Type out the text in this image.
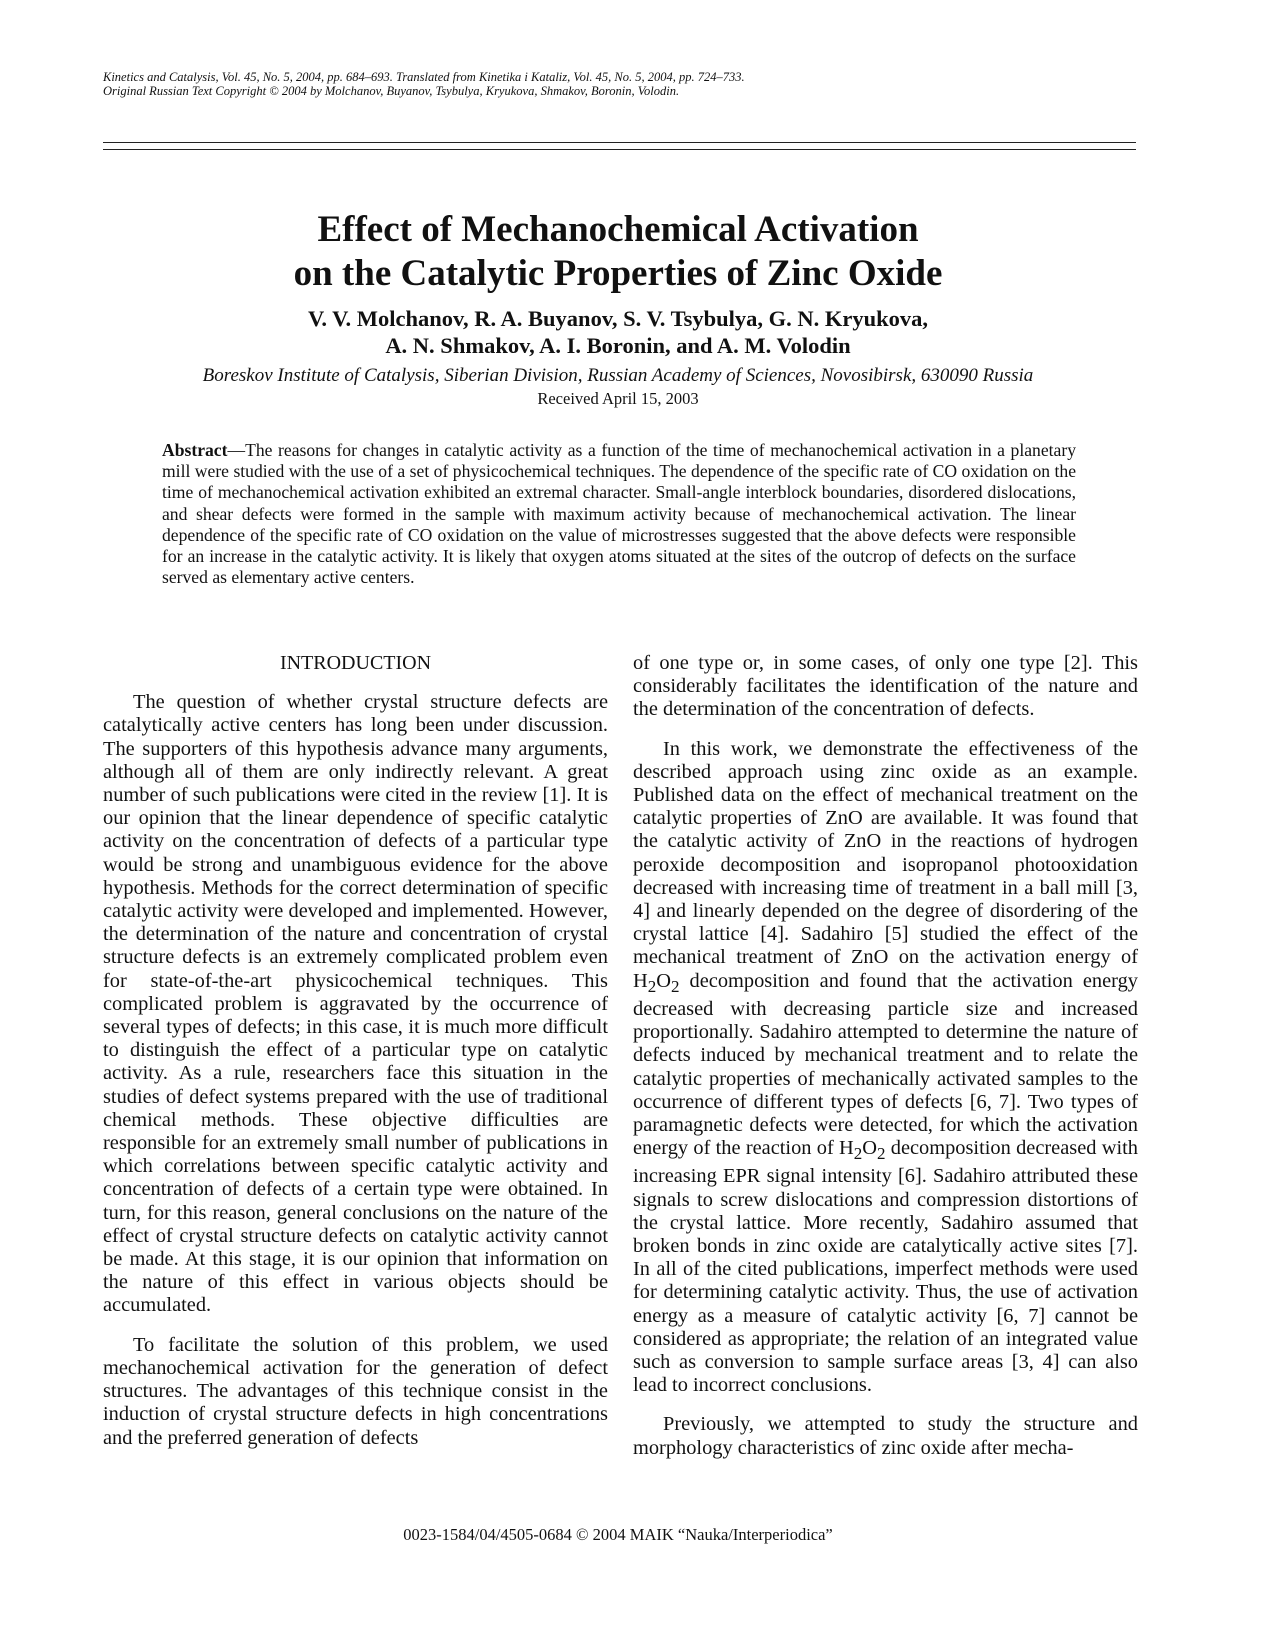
Kinetics and Catalysis, Vol. 45, No. 5, 2004, pp. 684–693. Translated from Kinetika i Kataliz, Vol. 45, No. 5, 2004, pp. 724–733.
Original Russian Text Copyright © 2004 by Molchanov, Buyanov, Tsybulya, Kryukova, Shmakov, Boronin, Volodin.
Effect of Mechanochemical Activation
on the Catalytic Properties of Zinc Oxide
V. V. Molchanov, R. A. Buyanov, S. V. Tsybulya, G. N. Kryukova,
A. N. Shmakov, A. I. Boronin, and A. M. Volodin
Boreskov Institute of Catalysis, Siberian Division, Russian Academy of Sciences, Novosibirsk, 630090 Russia
Received April 15, 2003
Abstract—The reasons for changes in catalytic activity as a function of the time of mechanochemical activation in a planetary mill were studied with the use of a set of physicochemical techniques. The dependence of the specific rate of CO oxidation on the time of mechanochemical activation exhibited an extremal character. Small-angle interblock boundaries, disordered dislocations, and shear defects were formed in the sample with maximum activity because of mechanochemical activation. The linear dependence of the specific rate of CO oxidation on the value of microstresses suggested that the above defects were responsible for an increase in the catalytic activity. It is likely that oxygen atoms situated at the sites of the outcrop of defects on the surface served as elementary active centers.
INTRODUCTION

The question of whether crystal structure defects are catalytically active centers has long been under discussion. The supporters of this hypothesis advance many arguments, although all of them are only indirectly relevant. A great number of such publications were cited in the review [1]. It is our opinion that the linear dependence of specific catalytic activity on the concentration of defects of a particular type would be strong and unambiguous evidence for the above hypothesis. Methods for the correct determination of specific catalytic activity were developed and implemented. However, the determination of the nature and concentration of crystal structure defects is an extremely complicated problem even for state-of-the-art physicochemical techniques. This complicated problem is aggravated by the occurrence of several types of defects; in this case, it is much more difficult to distinguish the effect of a particular type on catalytic activity. As a rule, researchers face this situation in the studies of defect systems prepared with the use of traditional chemical methods. These objective difficulties are responsible for an extremely small number of publications in which correlations between specific catalytic activity and concentration of defects of a certain type were obtained. In turn, for this reason, general conclusions on the nature of the effect of crystal structure defects on catalytic activity cannot be made. At this stage, it is our opinion that information on the nature of this effect in various objects should be accumulated.

To facilitate the solution of this problem, we used mechanochemical activation for the generation of defect structures. The advantages of this technique consist in the induction of crystal structure defects in high concentrations and the preferred generation of defects

of one type or, in some cases, of only one type [2]. This considerably facilitates the identification of the nature and the determination of the concentration of defects.

In this work, we demonstrate the effectiveness of the described approach using zinc oxide as an example. Published data on the effect of mechanical treatment on the catalytic properties of ZnO are available. It was found that the catalytic activity of ZnO in the reactions of hydrogen peroxide decomposition and isopropanol photooxidation decreased with increasing time of treatment in a ball mill [3, 4] and linearly depended on the degree of disordering of the crystal lattice [4]. Sadahiro [5] studied the effect of the mechanical treatment of ZnO on the activation energy of $H_2O_2$ decomposition and found that the activation energy decreased with decreasing particle size and increased proportionally. Sadahiro attempted to determine the nature of defects induced by mechanical treatment and to relate the catalytic properties of mechanically activated samples to the occurrence of different types of defects [6, 7]. Two types of paramagnetic defects were detected, for which the activation energy of the reaction of $H_2O_2$ decomposition decreased with increasing EPR signal intensity [6]. Sadahiro attributed these signals to screw dislocations and compression distortions of the crystal lattice. More recently, Sadahiro assumed that broken bonds in zinc oxide are catalytically active sites [7]. In all of the cited publications, imperfect methods were used for determining catalytic activity. Thus, the use of activation energy as a measure of catalytic activity [6, 7] cannot be considered as appropriate; the relation of an integrated value such as conversion to sample surface areas [3, 4] can also lead to incorrect conclusions.

Previously, we attempted to study the structure and morphology characteristics of zinc oxide after mecha-

0023-1584/04/4505-0684 © 2004 MAIK “Nauka/Interperiodica”
